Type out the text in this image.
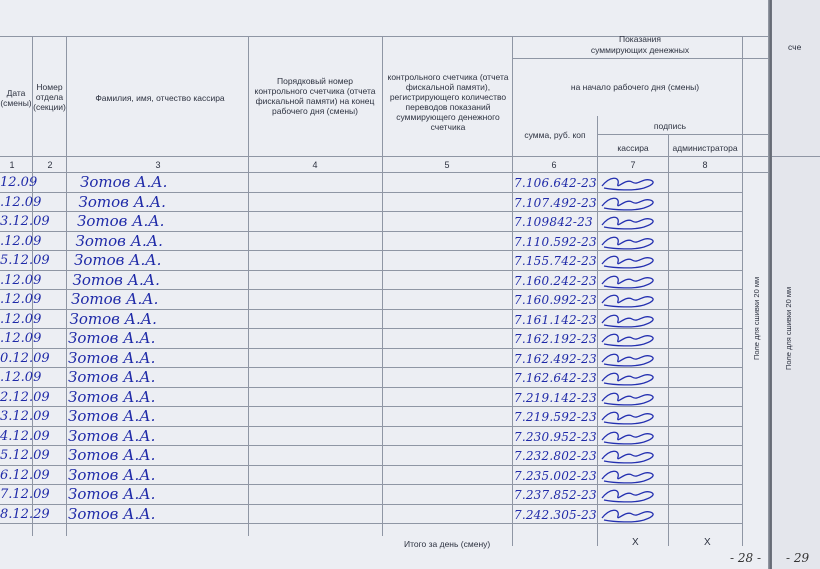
Дата (смены)
Номер отдела (секции)
Фамилия, имя, отчество кассира
Порядковый номер контрольного счетчика (отчета фискальной памяти) на конец рабочего дня (смены)
контрольного счетчика (отчета фискальной памяти), регистрирующего количество переводов показаний суммирующего денежного счетчика
Показания
суммирующих денежных
на начало рабочего дня (смены)
сумма, руб. коп
подпись
кассира	администратора
1	2	3	4	5	6	7	8
12.09	Зотов А.А.	7.106.642-23
.12.09 Зотов А.А.	7.107.492-23
3.12.09 Зотов А.А.	7.109842-23
.12.09 Зотов А.А.	7.110.592-23
5.12.09 Зотов А.А.	7.155.742-23
.12.09 Зотов А.А.	7.160.242-23
.12.09 Зотов А.А.	7.160.992-23
.12.09 Зотов А.А.	7.161.142-23
.12.09 Зотов А.А.	7.162.192-23
0.12.09 Зотов А.А.	7.162.492-23
.12.09 Зотов А.А.	7.162.642-23
2.12.09 Зотов А.А.	7.219.142-23
3.12.09 Зотов А.А.	7.219.592-23
4.12.09 Зотов А.А.	7.230.952-23
5.12.09 Зотов А.А.	7.232.802-23
6.12.09 Зотов А.А.	7.235.002-23
7.12.09 Зотов А.А.	7.237.852-23
8.12.29 Зотов А.А.	7.242.305-23
Итого за день (смену)	Х	Х
- 28 -
Поле для сшивки 20 мм
сче
Поле для сшивки 20 мм
- 29
